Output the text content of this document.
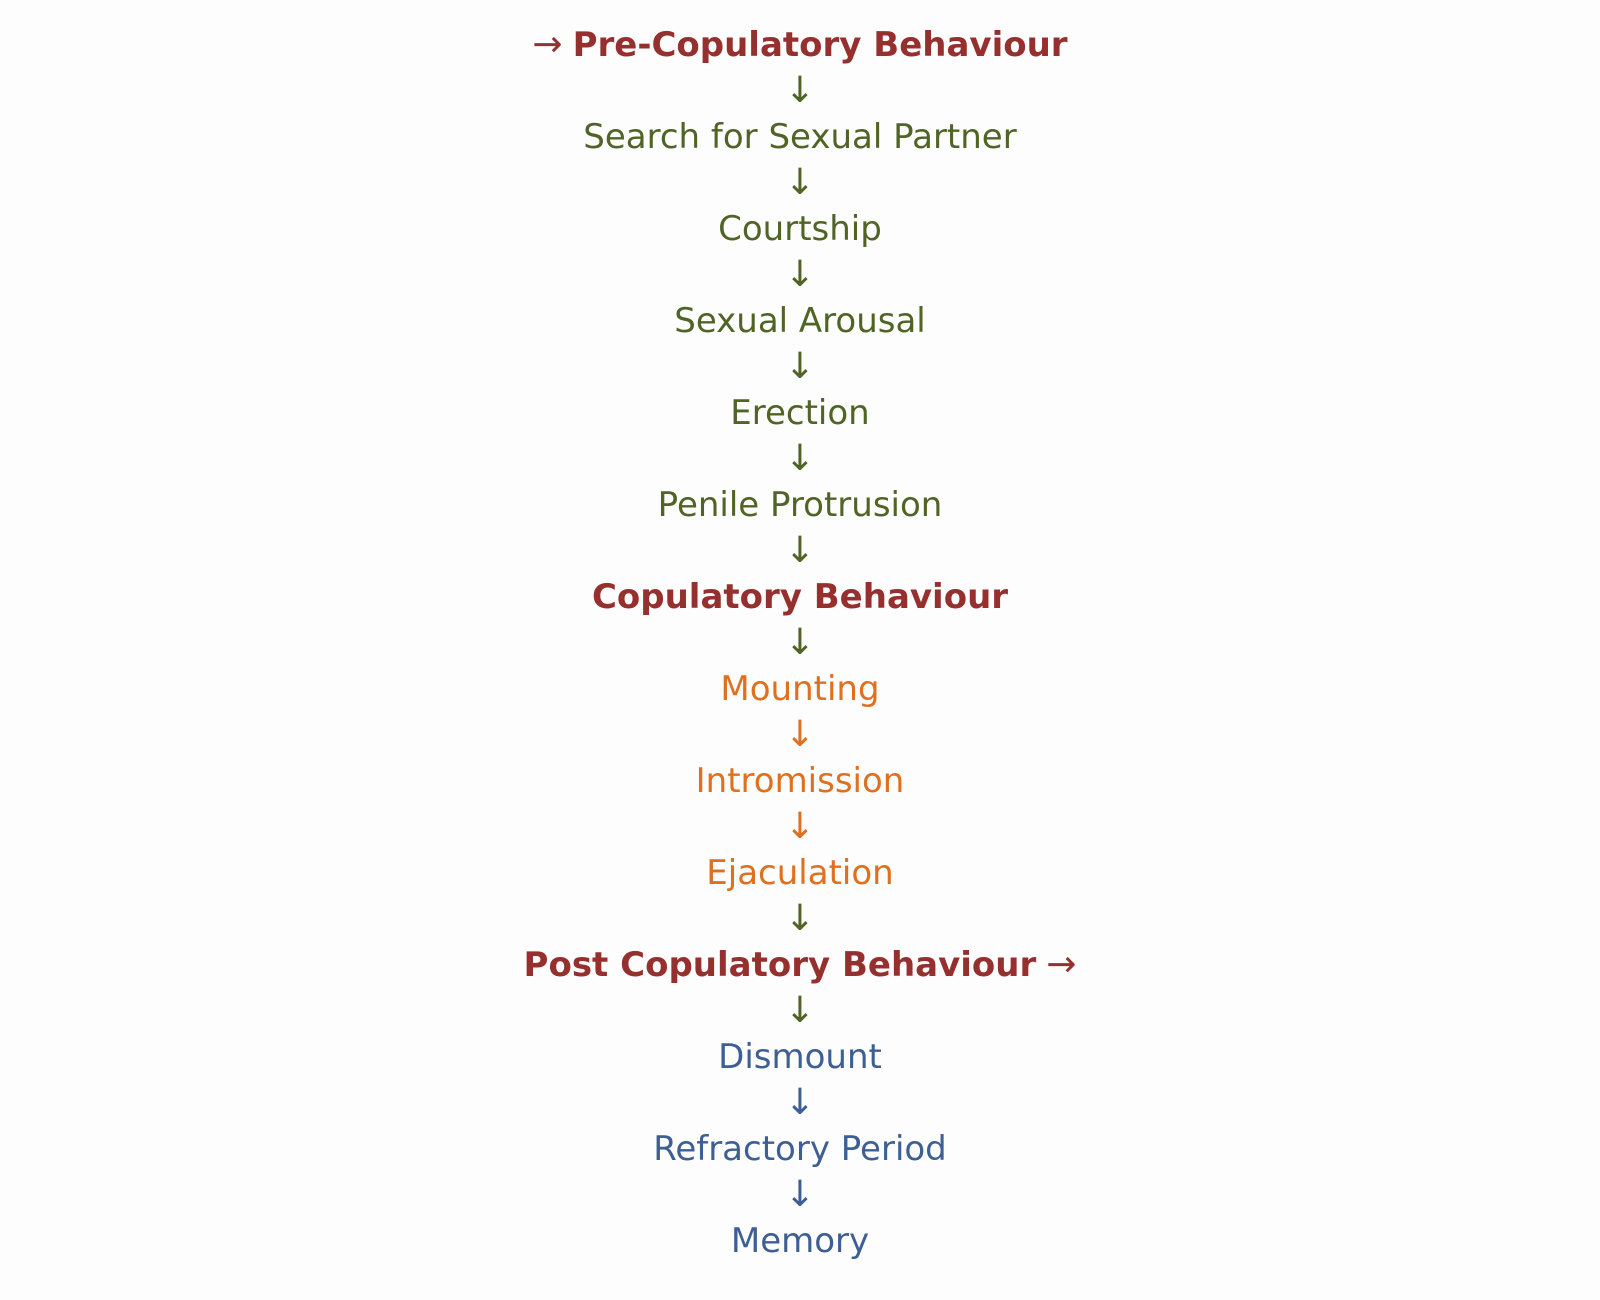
→ Pre-Copulatory Behaviour
↓
Search for Sexual Partner
↓
Courtship
↓
Sexual Arousal
↓
Erection
↓
Penile Protrusion
↓
Copulatory Behaviour
↓
Mounting
↓
Intromission
↓
Ejaculation
↓
Post Copulatory Behaviour →
↓
Dismount
↓
Refractory Period
↓
Memory
